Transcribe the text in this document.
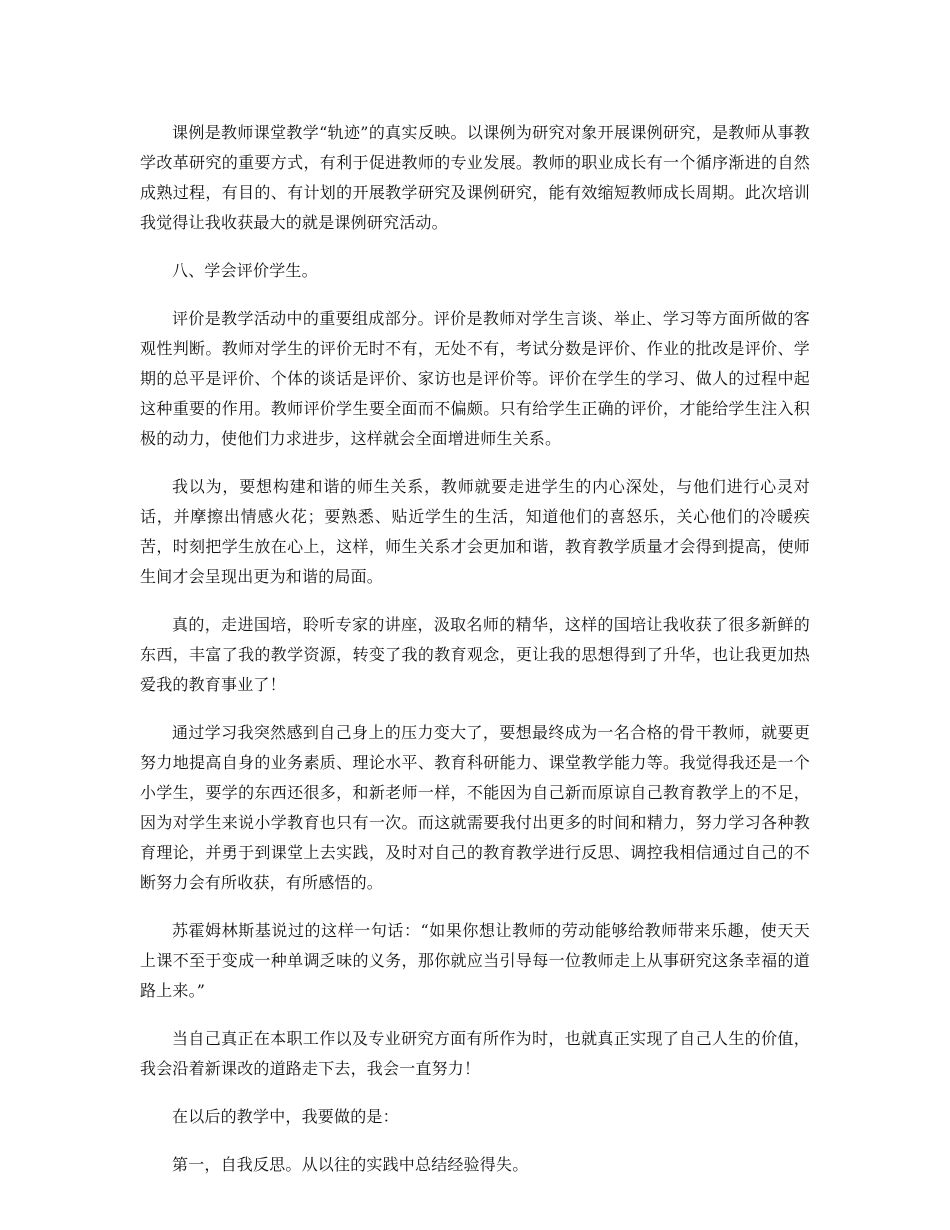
课例是教师课堂教学“轨迹”的真实反映。以课例为研究对象开展课例研究，是教师从事教学改革研究的重要方式，有利于促进教师的专业发展。教师的职业成长有一个循序渐进的自然成熟过程，有目的、有计划的开展教学研究及课例研究，能有效缩短教师成长周期。此次培训我觉得让我收获最大的就是课例研究活动。

八、学会评价学生。

评价是教学活动中的重要组成部分。评价是教师对学生言谈、举止、学习等方面所做的客观性判断。教师对学生的评价无时不有，无处不有，考试分数是评价、作业的批改是评价、学期的总平是评价、个体的谈话是评价、家访也是评价等。评价在学生的学习、做人的过程中起这种重要的作用。教师评价学生要全面而不偏颇。只有给学生正确的评价，才能给学生注入积极的动力，使他们力求进步，这样就会全面增进师生关系。

我以为，要想构建和谐的师生关系，教师就要走进学生的内心深处，与他们进行心灵对话，并摩擦出情感火花；要熟悉、贴近学生的生活，知道他们的喜怒乐，关心他们的冷暖疾苦，时刻把学生放在心上，这样，师生关系才会更加和谐，教育教学质量才会得到提高，使师生间才会呈现出更为和谐的局面。

真的，走进国培，聆听专家的讲座，汲取名师的精华，这样的国培让我收获了很多新鲜的东西，丰富了我的教学资源，转变了我的教育观念，更让我的思想得到了升华，也让我更加热爱我的教育事业了！

通过学习我突然感到自己身上的压力变大了，要想最终成为一名合格的骨干教师，就要更努力地提高自身的业务素质、理论水平、教育科研能力、课堂教学能力等。我觉得我还是一个小学生，要学的东西还很多，和新老师一样，不能因为自己新而原谅自己教育教学上的不足，因为对学生来说小学教育也只有一次。而这就需要我付出更多的时间和精力，努力学习各种教育理论，并勇于到课堂上去实践，及时对自己的教育教学进行反思、调控我相信通过自己的不断努力会有所收获，有所感悟的。

苏霍姆林斯基说过的这样一句话：“如果你想让教师的劳动能够给教师带来乐趣，使天天上课不至于变成一种单调乏味的义务，那你就应当引导每一位教师走上从事研究这条幸福的道路上来。”

当自己真正在本职工作以及专业研究方面有所作为时，也就真正实现了自己人生的价值，我会沿着新课改的道路走下去，我会一直努力！

在以后的教学中，我要做的是：

第一，自我反思。从以往的实践中总结经验得失。
